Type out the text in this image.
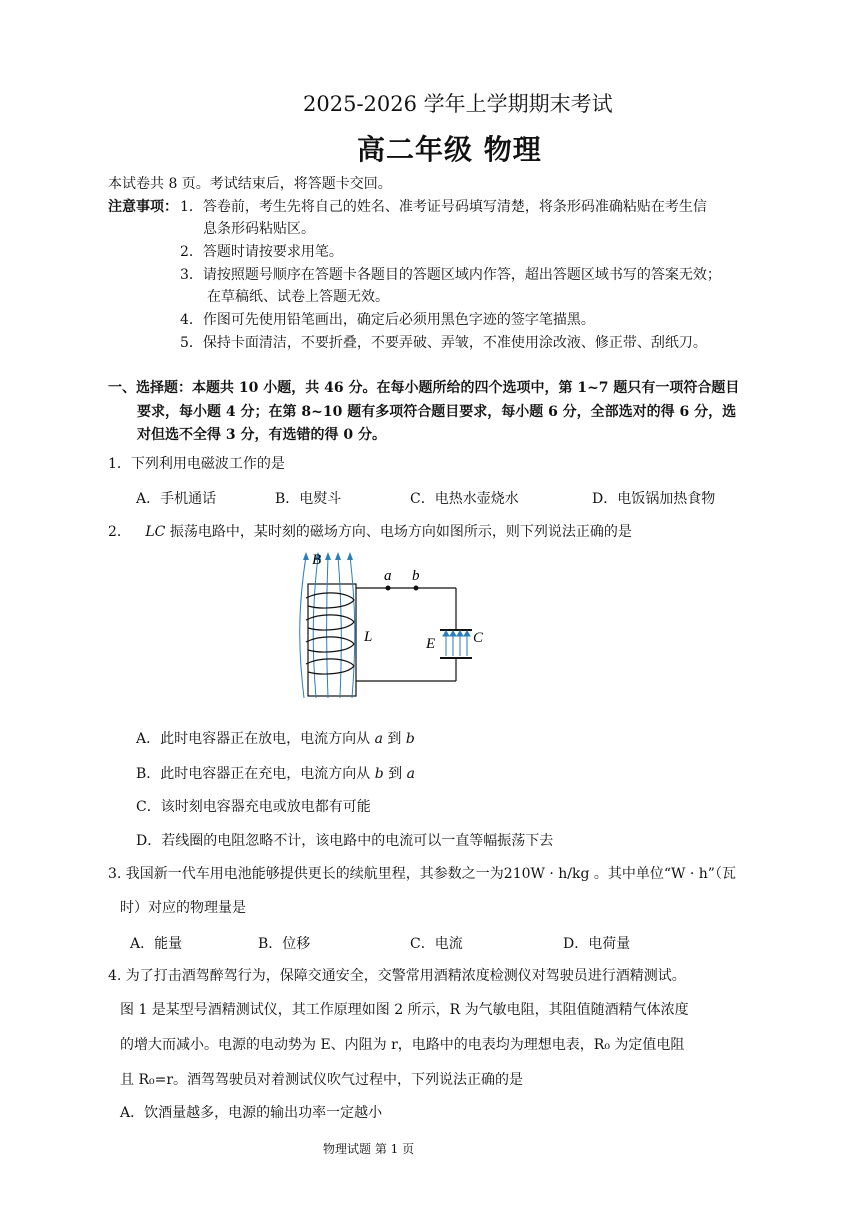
2025-2026 学年上学期期末考试
高二年级 物理
本试卷共 8 页。考试结束后，将答题卡交回。
注意事项： 1．答卷前，考生先将自己的姓名、准考证号码填写清楚，将条形码准确粘贴在考生信
息条形码粘贴区。
2．答题时请按要求用笔。
3．请按照题号顺序在答题卡各题目的答题区域内作答，超出答题区域书写的答案无效；
在草稿纸、试卷上答题无效。
4．作图可先使用铅笔画出，确定后必须用黑色字迹的签字笔描黑。
5．保持卡面清洁，不要折叠，不要弄破、弄皱，不准使用涂改液、修正带、刮纸刀。
一、选择题：本题共 10 小题，共 46 分。在每小题所给的四个选项中，第 1~7 题只有一项符合题目
要求，每小题 4 分；在第 8~10 题有多项符合题目要求，每小题 6 分，全部选对的得 6 分，选
对但选不全得 3 分，有选错的得 0 分。
1．下列利用电磁波工作的是
A．手机通话	B．电熨斗	C．电热水壶烧水	D．电饭锅加热食物
2． LC 振荡电路中，某时刻的磁场方向、电场方向如图所示，则下列说法正确的是
B
a b
L	E	C
A．此时电容器正在放电，电流方向从 a 到 b
B．此时电容器正在充电，电流方向从 b 到 a
C．该时刻电容器充电或放电都有可能
D．若线圈的电阻忽略不计，该电路中的电流可以一直等幅振荡下去
3. 我国新一代车用电池能够提供更长的续航里程，其参数之一为210W · h/kg 。其中单位“W · h”（瓦
时）对应的物理量是
A．能量	B．位移	C．电流	D．电荷量
4. 为了打击酒驾醉驾行为，保障交通安全，交警常用酒精浓度检测仪对驾驶员进行酒精测试。
图 1 是某型号酒精测试仪，其工作原理如图 2 所示，R 为气敏电阻，其阻值随酒精气体浓度
的增大而减小。电源的电动势为 E、内阻为 r，电路中的电表均为理想电表，R₀ 为定值电阻
且 R₀=r。酒驾驾驶员对着测试仪吹气过程中，下列说法正确的是
A．饮酒量越多，电源的输出功率一定越小
物理试题 第 1 页
